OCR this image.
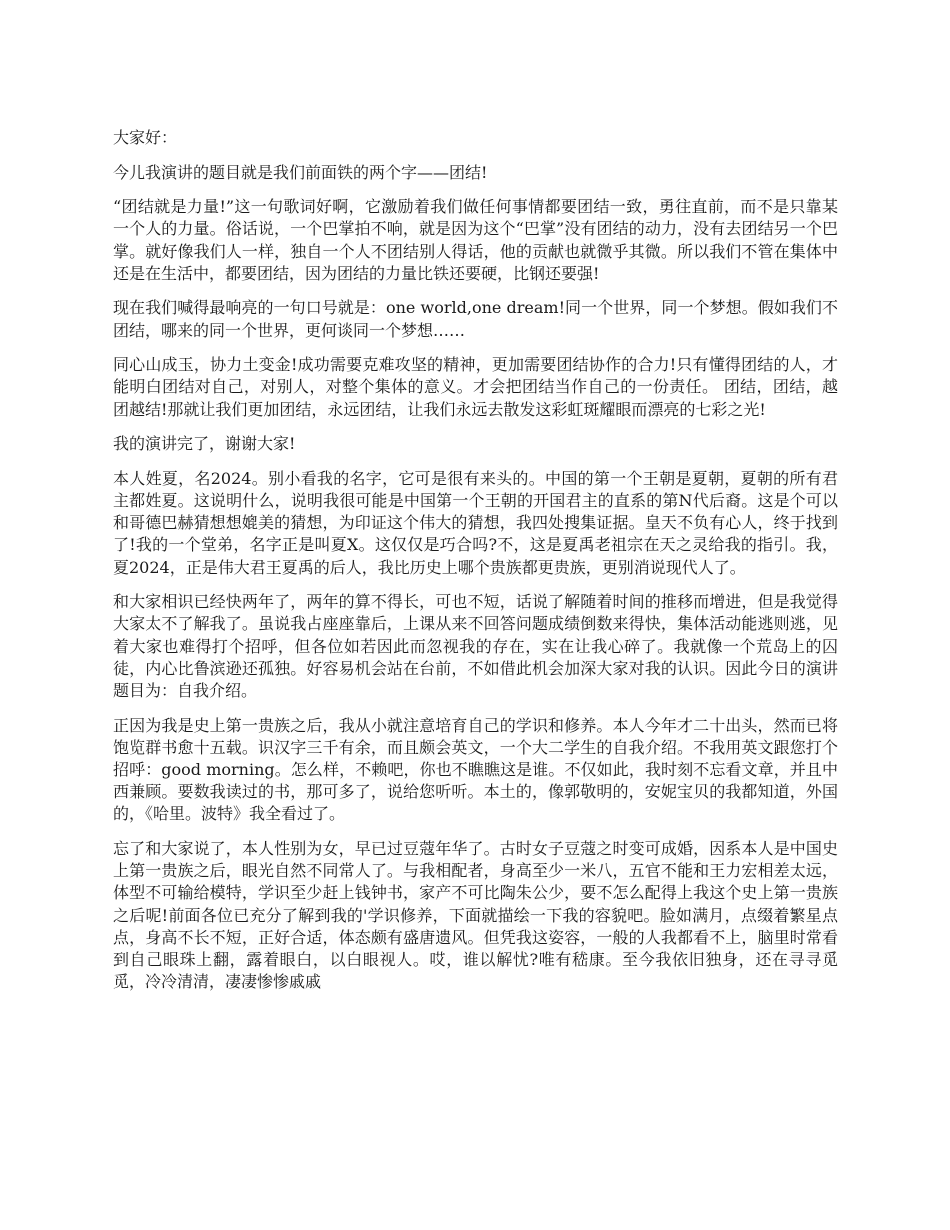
大家好：

今儿我演讲的题目就是我们前面铁的两个字——团结!

“团结就是力量!”这一句歌词好啊，它激励着我们做任何事情都要团结一致，勇往直前，而不是只靠某一个人的力量。俗话说，一个巴掌拍不响，就是因为这个“巴掌”没有团结的动力，没有去团结另一个巴掌。就好像我们人一样，独自一个人不团结别人得话，他的贡献也就微乎其微。所以我们不管在集体中还是在生活中，都要团结，因为团结的力量比铁还要硬，比钢还要强!

现在我们喊得最响亮的一句口号就是：one world,one dream!同一个世界，同一个梦想。假如我们不团结，哪来的同一个世界，更何谈同一个梦想……

同心山成玉，协力土变金!成功需要克难攻坚的精神，更加需要团结协作的合力!只有懂得团结的人，才能明白团结对自己，对别人，对整个集体的意义。才会把团结当作自己的一份责任。 团结，团结，越团越结!那就让我们更加团结，永远团结，让我们永远去散发这彩虹斑耀眼而漂亮的七彩之光!

我的演讲完了，谢谢大家!

本人姓夏，名2024。别小看我的名字，它可是很有来头的。中国的第一个王朝是夏朝，夏朝的所有君主都姓夏。这说明什么，说明我很可能是中国第一个王朝的开国君主的直系的第N代后裔。这是个可以和哥德巴赫猜想想媲美的猜想，为印证这个伟大的猜想，我四处搜集证据。皇天不负有心人，终于找到了!我的一个堂弟，名字正是叫夏X。这仅仅是巧合吗?不，这是夏禹老祖宗在天之灵给我的指引。我，夏2024，正是伟大君王夏禹的后人，我比历史上哪个贵族都更贵族，更别消说现代人了。

和大家相识已经快两年了，两年的算不得长，可也不短，话说了解随着时间的推移而增进，但是我觉得大家太不了解我了。虽说我占座座靠后，上课从来不回答问题成绩倒数来得快，集体活动能逃则逃，见着大家也难得打个招呼，但各位如若因此而忽视我的存在，实在让我心碎了。我就像一个荒岛上的囚徒，内心比鲁滨逊还孤独。好容易机会站在台前，不如借此机会加深大家对我的认识。因此今日的演讲题目为：自我介绍。

正因为我是史上第一贵族之后，我从小就注意培育自己的学识和修养。本人今年才二十出头，然而已将饱览群书愈十五载。识汉字三千有余，而且颇会英文，一个大二学生的自我介绍。不我用英文跟您打个招呼：good morning。怎么样，不赖吧，你也不瞧瞧这是谁。不仅如此，我时刻不忘看文章，并且中西兼顾。要数我读过的书，那可多了，说给您听听。本土的，像郭敬明的，安妮宝贝的我都知道，外国的，《哈里。波特》我全看过了。

忘了和大家说了，本人性别为女，早已过豆蔻年华了。古时女子豆蔻之时变可成婚，因系本人是中国史上第一贵族之后，眼光自然不同常人了。与我相配者，身高至少一米八，五官不能和王力宏相差太远，体型不可输给模特，学识至少赶上钱钟书，家产不可比陶朱公少，要不怎么配得上我这个史上第一贵族之后呢!前面各位已充分了解到我的'学识修养，下面就描绘一下我的容貌吧。脸如满月，点缀着繁星点点，身高不长不短，正好合适，体态颇有盛唐遗风。但凭我这姿容，一般的人我都看不上，脑里时常看到自己眼珠上翻，露着眼白，以白眼视人。哎，谁以解忧?唯有嵇康。至今我依旧独身，还在寻寻觅觅，冷冷清清，凄凄惨惨戚戚
